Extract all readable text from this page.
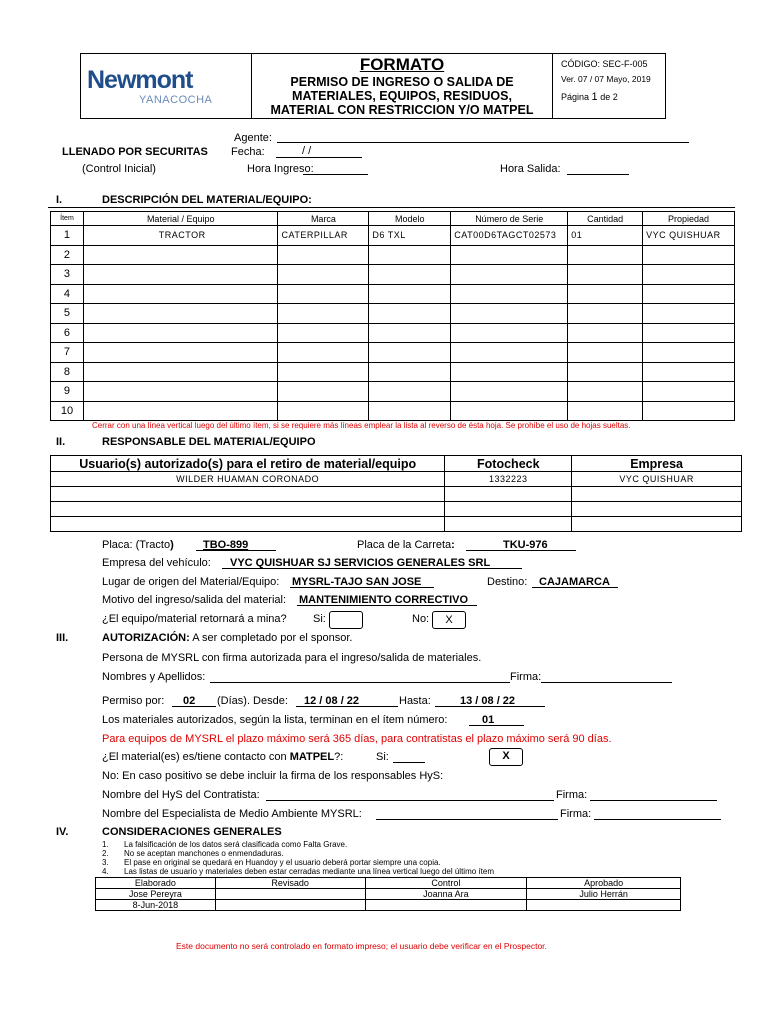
Newmont
YANACOCHA
FORMATO
PERMISO DE INGRESO O SALIDA DE
MATERIALES, EQUIPOS, RESIDUOS,
MATERIAL CON RESTRICCION Y/O MATPEL
CÓDIGO: SEC-F-005
Ver. 07 / 07 Mayo, 2019
Página 1 de 2
Agente:
LLENADO POR SECURITAS Fecha:	/ /
(Control Inicial)	Hora Ingreso:	Hora Salida:
I.	DESCRIPCIÓN DEL MATERIAL/EQUIPO:
Ítem	Material / Equipo	Marca	Modelo	Número de Serie	Cantidad	Propiedad
1	TRACTOR	CATERPILLAR	D6 TXL	CAT00D6TAGCT02573	01	VYC QUISHUAR
2						
3						
4						
5						
6						
7						
8						
9						
10						
Cerrar con una línea vertical luego del último ítem, si se requiere más líneas emplear la lista al reverso de ésta hoja. Se prohíbe el uso de hojas sueltas.
II.	RESPONSABLE DEL MATERIAL/EQUIPO
Usuario(s) autorizado(s) para el retiro de material/equipo	Fotocheck	Empresa
WILDER HUAMAN CORONADO	1332223	VYC QUISHUAR

Placa: (Tracto)	TBO-899	Placa de la Carreta:	TKU-976
Empresa del vehículo: VYC QUISHUAR SJ SERVICIOS GENERALES SRL
Lugar de origen del Material/Equipo: MYSRL-TAJO SAN JOSE	Destino: CAJAMARCA
Motivo del ingreso/salida del material: MANTENIMIENTO CORRECTIVO
¿El equipo/material retornará a mina? Si:	No:	X
III.	AUTORIZACIÓN: A ser completado por el sponsor.
Persona de MYSRL con firma autorizada para el ingreso/salida de materiales.
Nombres y Apellidos:	Firma:
Permiso por: 02 (Días). Desde: 12 / 08 / 22	Hasta:	13 / 08 / 22
Los materiales autorizados, según la lista, terminan en el ítem número:	01
Para equipos de MYSRL el plazo máximo será 365 días, para contratistas el plazo máximo será 90 días.
¿El material(es) es/tiene contacto con MATPEL?:	Si:	X
No: En caso positivo se debe incluir la firma de los responsables HyS:
Nombre del HyS del Contratista:	Firma:
Nombre del Especialista de Medio Ambiente MYSRL:	Firma:
IV.	CONSIDERACIONES GENERALES
1. La falsificación de los datos será clasificada como Falta Grave.
2. No se aceptan manchones o enmendaduras.
3. El pase en original se quedará en Huandoy y el usuario deberá portar siempre una copia.
4. Las listas de usuario y materiales deben estar cerradas mediante una línea vertical luego del último ítem
Elaborado	Revisado	Control	Aprobado
Jose Pereyra		Joanna Ara	Julio Herrán
8-Jun-2018			
Este documento no será controlado en formato impreso; el usuario debe verificar en el Prospector.
